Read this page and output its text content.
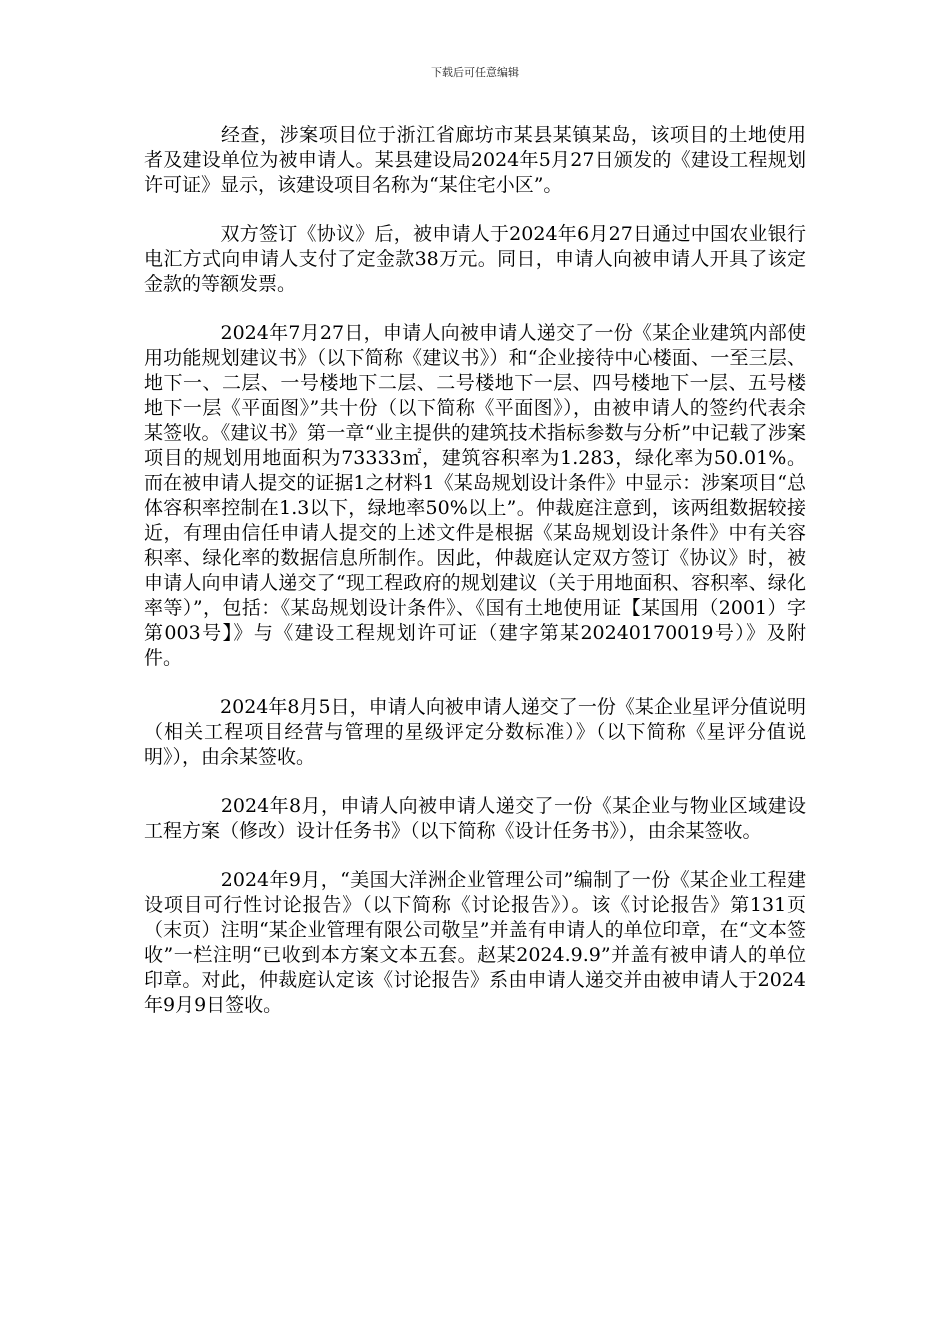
下载后可任意编辑

　　经查，涉案项目位于浙江省廊坊市某县某镇某岛，该项目的土地使用者及建设单位为被申请人。某县建设局2024年5月27日颁发的《建设工程规划许可证》显示，该建设项目名称为“某住宅小区”。

　　双方签订《协议》后，被申请人于2024年6月27日通过中国农业银行电汇方式向申请人支付了定金款38万元。同日，申请人向被申请人开具了该定金款的等额发票。

　　2024年7月27日，申请人向被申请人递交了一份《某企业建筑内部使用功能规划建议书》（以下简称《建议书》）和“企业接待中心楼面、一至三层、地下一、二层、一号楼地下二层、二号楼地下一层、四号楼地下一层、五号楼地下一层《平面图》”共十份（以下简称《平面图》），由被申请人的签约代表余某签收。《建议书》第一章“业主提供的建筑技术指标参数与分析”中记载了涉案项目的规划用地面积为73333㎡，建筑容积率为1.283，绿化率为50.01%。而在被申请人提交的证据1之材料1《某岛规划设计条件》中显示：涉案项目“总体容积率控制在1.3以下，绿地率50%以上”。仲裁庭注意到，该两组数据较接近，有理由信任申请人提交的上述文件是根据《某岛规划设计条件》中有关容积率、绿化率的数据信息所制作。因此，仲裁庭认定双方签订《协议》时，被申请人向申请人递交了“现工程政府的规划建议（关于用地面积、容积率、绿化率等）”，包括：《某岛规划设计条件》、《国有土地使用证【某国用（2001）字第003号】》与《建设工程规划许可证（建字第某20240170019号）》及附件。

　　2024年8月5日，申请人向被申请人递交了一份《某企业星评分值说明（相关工程项目经营与管理的星级评定分数标准）》（以下简称《星评分值说明》），由余某签收。

　　2024年8月，申请人向被申请人递交了一份《某企业与物业区域建设工程方案（修改）设计任务书》（以下简称《设计任务书》），由余某签收。

　　2024年9月，“美国大洋洲企业管理公司”编制了一份《某企业工程建设项目可行性讨论报告》（以下简称《讨论报告》）。该《讨论报告》第131页（末页）注明“某企业管理有限公司敬呈”并盖有申请人的单位印章，在“文本签收”一栏注明“已收到本方案文本五套。赵某2024.9.9”并盖有被申请人的单位印章。对此，仲裁庭认定该《讨论报告》系由申请人递交并由被申请人于2024年9月9日签收。
